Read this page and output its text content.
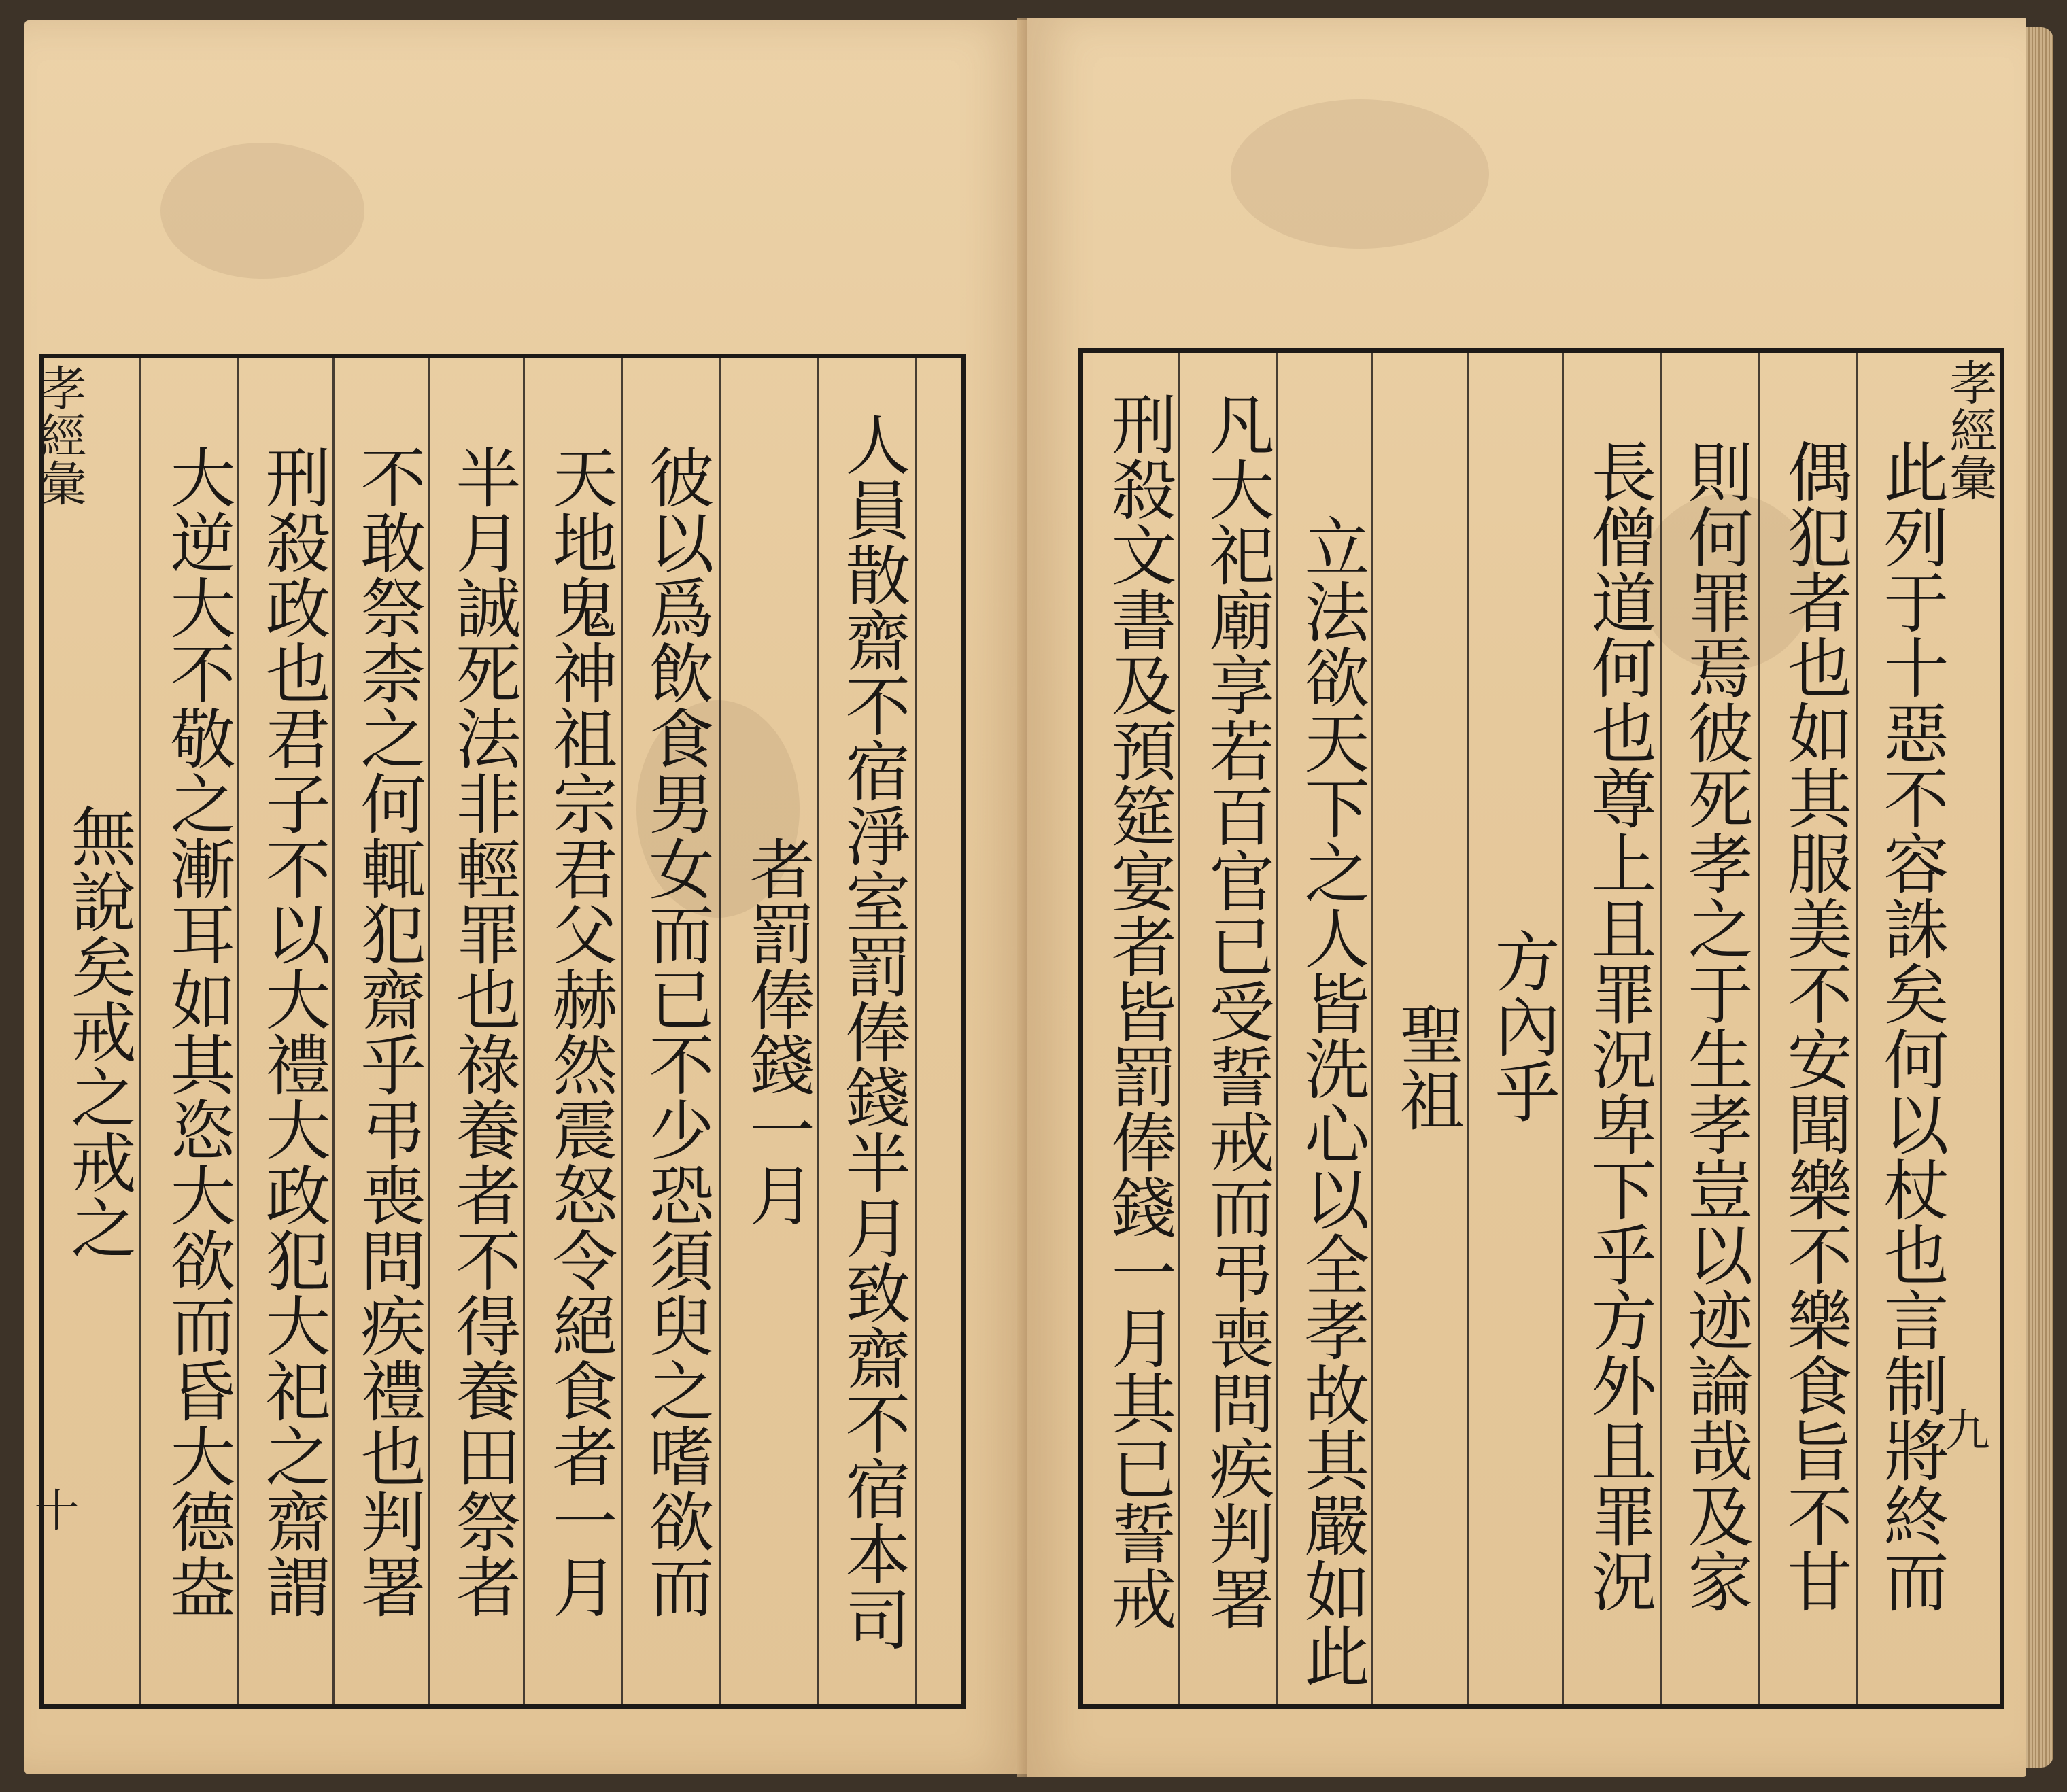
孝經彙
十	人員散齋不宿淨室罰俸錢半月致齋不宿本司
者罰俸錢一月
彼以爲飲食男女而已不少恐須臾之嗜欲而
天地鬼神祖宗君父赫然震怒令絕食者一月
半月誠死法非輕罪也祿養者不得養田祭者
不敢祭柰之何輒犯齋乎弔喪問疾禮也判署
刑殺政也君子不以大禮大政犯大祀之齋謂
大逆大不敬之漸耳如其恣大欲而昏大德盎
無說矣戒之戒之
孝經彙
九
此列于十惡不容誅矣何以杖也言制將終而
偶犯者也如其服美不安聞樂不樂食旨不甘
則何罪焉彼死孝之于生孝豈以迹論哉及家
長僧道何也尊上且罪況卑下乎方外且罪況
方內乎
聖祖
立法欲天下之人皆洗心以全孝故其嚴如此
凡大祀廟享若百官已受誓戒而弔喪問疾判署
刑殺文書及預筵宴者皆罰俸錢一月其已誓戒
